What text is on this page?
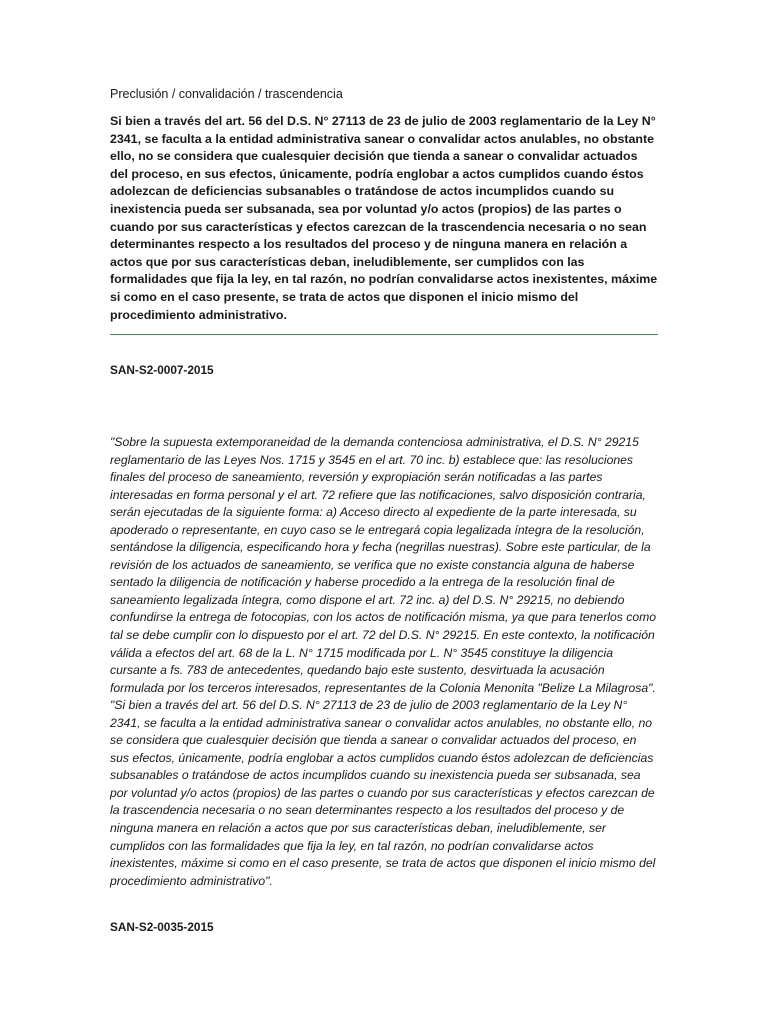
Preclusión / convalidación / trascendencia

Si bien a través del art. 56 del D.S. N° 27113 de 23 de julio de 2003 reglamentario de la Ley N° 2341, se faculta a la entidad administrativa sanear o convalidar actos anulables, no obstante ello, no se considera que cualesquier decisión que tienda a sanear o convalidar actuados del proceso, en sus efectos, únicamente, podría englobar a actos cumplidos cuando éstos adolezcan de deficiencias subsanables o tratándose de actos incumplidos cuando su inexistencia pueda ser subsanada, sea por voluntad y/o actos (propios) de las partes o cuando por sus características y efectos carezcan de la trascendencia necesaria o no sean determinantes respecto a los resultados del proceso y de ninguna manera en relación a actos que por sus características deban, ineludiblemente, ser cumplidos con las formalidades que fija la ley, en tal razón, no podrían convalidarse actos inexistentes, máxime si como en el caso presente, se trata de actos que disponen el inicio mismo del procedimiento administrativo.

SAN-S2-0007-2015

"Sobre la supuesta extemporaneidad de la demanda contenciosa administrativa, el D.S. N° 29215 reglamentario de las Leyes Nos. 1715 y 3545 en el art. 70 inc. b) establece que: las resoluciones finales del proceso de saneamiento, reversión y expropiación serán notificadas a las partes interesadas en forma personal y el art. 72 refiere que las notificaciones, salvo disposición contraria, serán ejecutadas de la siguiente forma: a) Acceso directo al expediente de la parte interesada, su apoderado o representante, en cuyo caso se le entregará copia legalizada íntegra de la resolución, sentándose la diligencia, especificando hora y fecha (negrillas nuestras). Sobre este particular, de la revisión de los actuados de saneamiento, se verifica que no existe constancia alguna de haberse sentado la diligencia de notificación y haberse procedido a la entrega de la resolución final de saneamiento legalizada íntegra, como dispone el art. 72 inc. a) del D.S. N° 29215, no debiendo confundirse la entrega de fotocopias, con los actos de notificación misma, ya que para tenerlos como tal se debe cumplir con lo dispuesto por el art. 72 del D.S. N° 29215. En este contexto, la notificación válida a efectos del art. 68 de la L. N° 1715 modificada por L. N° 3545 constituye la diligencia cursante a fs. 783 de antecedentes, quedando bajo este sustento, desvirtuada la acusación formulada por los terceros interesados, representantes de la Colonia Menonita "Belize La Milagrosa". "Si bien a través del art. 56 del D.S. N° 27113 de 23 de julio de 2003 reglamentario de la Ley N° 2341, se faculta a la entidad administrativa sanear o convalidar actos anulables, no obstante ello, no se considera que cualesquier decisión que tienda a sanear o convalidar actuados del proceso, en sus efectos, únicamente, podría englobar a actos cumplidos cuando éstos adolezcan de deficiencias subsanables o tratándose de actos incumplidos cuando su inexistencia pueda ser subsanada, sea por voluntad y/o actos (propios) de las partes o cuando por sus características y efectos carezcan de la trascendencia necesaria o no sean determinantes respecto a los resultados del proceso y de ninguna manera en relación a actos que por sus características deban, ineludiblemente, ser cumplidos con las formalidades que fija la ley, en tal razón, no podrían convalidarse actos inexistentes, máxime si como en el caso presente, se trata de actos que disponen el inicio mismo del procedimiento administrativo".

SAN-S2-0035-2015
